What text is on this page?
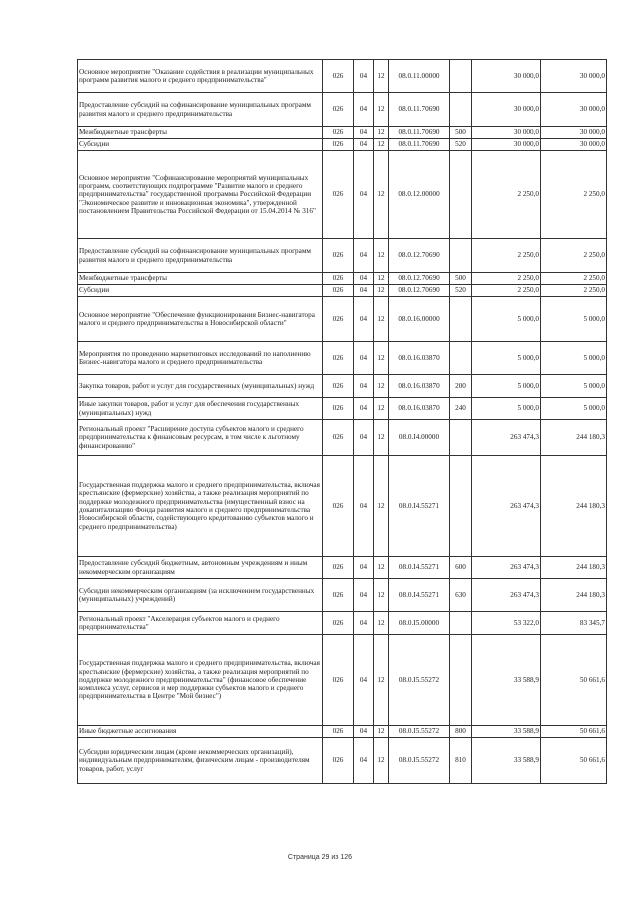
Основное мероприятие "Оказание содействия в реализации муниципальных программ развития малого и среднего предпринимательства"	026	04	12	08.0.11.00000		30 000,0	30 000,0
Предоставление субсидий на софинансирование муниципальных программ развития малого и среднего предпринимательства	026	04	12	08.0.11.70690		30 000,0	30 000,0
Межбюджетные трансферты	026	04	12	08.0.11.70690	500	30 000,0	30 000,0
Субсидии	026	04	12	08.0.11.70690	520	30 000,0	30 000,0
Основное мероприятие "Софинансирование мероприятий муниципальных программ, соответствующих подпрограмме "Развитие малого и среднего предпринимательства" государственной программы Российской Федерации "Экономическое развитие и инновационная экономика", утвержденной постановлением Правительства Российской Федерации от 15.04.2014 № 316"	026	04	12	08.0.12.00000		2 250,0	2 250,0
Предоставление субсидий на софинансирование муниципальных программ развития малого и среднего предпринимательства	026	04	12	08.0.12.70690		2 250,0	2 250,0
Межбюджетные трансферты	026	04	12	08.0.12.70690	500	2 250,0	2 250,0
Субсидии	026	04	12	08.0.12.70690	520	2 250,0	2 250,0
Основное мероприятие "Обеспечение функционирования Бизнес-навигатора малого и среднего предпринимательства в Новосибирской области"	026	04	12	08.0.16.00000		5 000,0	5 000,0
Мероприятия по проведению маркетинговых исследований по наполнению Бизнес-навигатора малого и среднего предпринимательства	026	04	12	08.0.16.03870		5 000,0	5 000,0
Закупка товаров, работ и услуг для государственных (муниципальных) нужд	026	04	12	08.0.16.03870	200	5 000,0	5 000,0
Иные закупки товаров, работ и услуг для обеспечения государственных (муниципальных) нужд	026	04	12	08.0.16.03870	240	5 000,0	5 000,0
Региональный проект "Расширение доступа субъектов малого и среднего предпринимательства к финансовым ресурсам, в том числе к льготному финансированию"	026	04	12	08.0.I4.00000		263 474,3	244 180,3
Государственная поддержка малого и среднего предпринимательства, включая крестьянские (фермерские) хозяйства, а также реализация мероприятий по поддержке молодежного предпринимательства (имущественный взнос на докапитализацию Фонда развития малого и среднего предпринимательства Новосибирской области, содействующего кредитованию субъектов малого и среднего предпринимательства)	026	04	12	08.0.I4.55271		263 474,3	244 180,3
Предоставление субсидий бюджетным, автономным учреждениям и иным некоммерческим организациям	026	04	12	08.0.I4.55271	600	263 474,3	244 180,3
Субсидии некоммерческим организациям (за исключением государственных (муниципальных) учреждений)	026	04	12	08.0.I4.55271	630	263 474,3	244 180,3
Региональный проект "Акселерация субъектов малого и среднего предпринимательства"	026	04	12	08.0.I5.00000		53 322,0	83 345,7
Государственная поддержка малого и среднего предпринимательства, включая крестьянские (фермерские) хозяйства, а также реализация мероприятий по поддержке молодежного предпринимательства" (финансовое обеспечение комплекса услуг, сервисов и мер поддержки субъектов малого и среднего предпринимательства в Центре "Мой бизнес")	026	04	12	08.0.I5.55272		33 588,9	50 661,6
Иные бюджетные ассигнования	026	04	12	08.0.I5.55272	800	33 588,9	50 661,6
Субсидии юридическим лицам (кроме некоммерческих организаций), индивидуальным предпринимателям, физическим лицам - производителям товаров, работ, услуг	026	04	12	08.0.I5.55272	810	33 588,9	50 661,6
Страница 29 из 126
